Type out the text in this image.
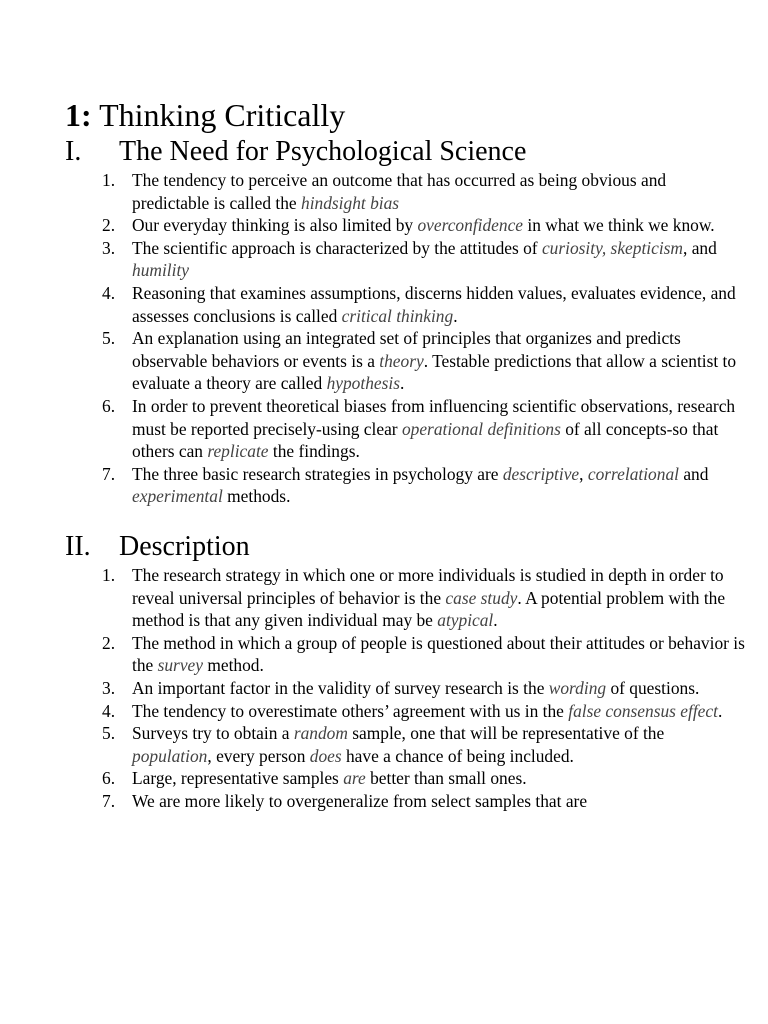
1: Thinking Critically
I. The Need for Psychological Science
1. The tendency to perceive an outcome that has occurred as being obvious and predictable is called the hindsight bias
2. Our everyday thinking is also limited by overconfidence in what we think we know.
3. The scientific approach is characterized by the attitudes of curiosity, skepticism, and humility
4. Reasoning that examines assumptions, discerns hidden values, evaluates evidence, and assesses conclusions is called critical thinking.
5. An explanation using an integrated set of principles that organizes and predicts observable behaviors or events is a theory. Testable predictions that allow a scientist to evaluate a theory are called hypothesis.
6. In order to prevent theoretical biases from influencing scientific observations, research must be reported precisely-using clear operational definitions of all concepts-so that others can replicate the findings.
7. The three basic research strategies in psychology are descriptive, correlational and experimental methods.
II. Description
1. The research strategy in which one or more individuals is studied in depth in order to reveal universal principles of behavior is the case study. A potential problem with the method is that any given individual may be atypical.
2. The method in which a group of people is questioned about their attitudes or behavior is the survey method.
3. An important factor in the validity of survey research is the wording of questions.
4. The tendency to overestimate others’ agreement with us in the false consensus effect.
5. Surveys try to obtain a random sample, one that will be representative of the population, every person does have a chance of being included.
6. Large, representative samples are better than small ones.
7. We are more likely to overgeneralize from select samples that are
